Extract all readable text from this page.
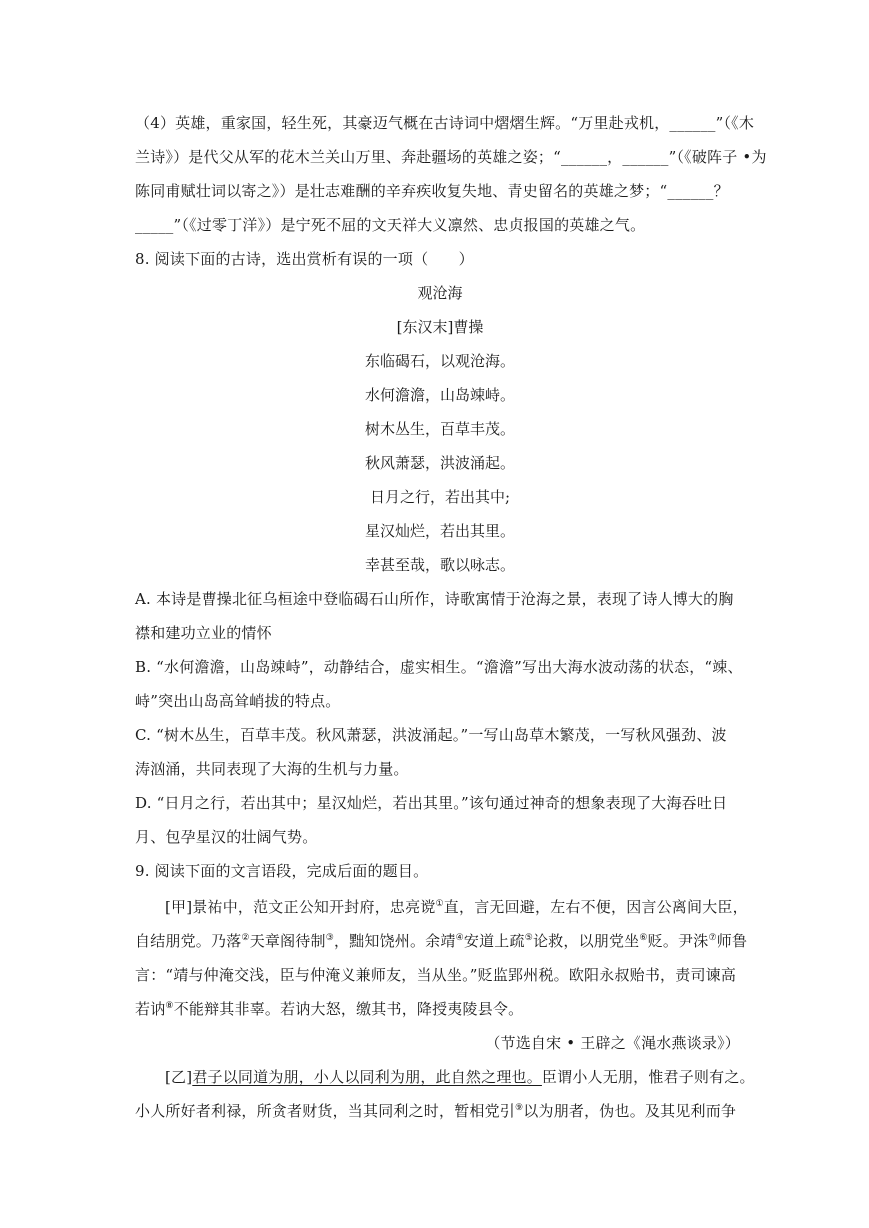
（4）英雄，重家国，轻生死，其豪迈气概在古诗词中熠熠生辉。“万里赴戎机，______”（《木
兰诗》）是代父从军的花木兰关山万里、奔赴疆场的英雄之姿；“______，______”（《破阵子 •为
陈同甫赋壮词以寄之》）是壮志难酬的辛弃疾收复失地、青史留名的英雄之梦；“______？
_____”（《过零丁洋》）是宁死不屈的文天祥大义凛然、忠贞报国的英雄之气。
8. 阅读下面的古诗，选出赏析有误的一项（　　）
观沧海
[东汉末]曹操
东临碣石，以观沧海。
水何澹澹，山岛竦峙。
树木丛生，百草丰茂。
秋风萧瑟，洪波涌起。
日月之行，若出其中;
星汉灿烂，若出其里。
幸甚至哉，歌以咏志。
A. 本诗是曹操北征乌桓途中登临碣石山所作，诗歌寓情于沧海之景，表现了诗人博大的胸
襟和建功立业的情怀
B. “水何澹澹，山岛竦峙”，动静结合，虚实相生。“澹澹”写出大海水波动荡的状态，“竦、
峙”突出山岛高耸峭拔的特点。
C. “树木丛生，百草丰茂。秋风萧瑟，洪波涌起。”一写山岛草木繁茂，一写秋风强劲、波
涛汹涌，共同表现了大海的生机与力量。
D. “日月之行，若出其中；星汉灿烂，若出其里。”该句通过神奇的想象表现了大海吞吐日
月、包孕星汉的壮阔气势。
9. 阅读下面的文言语段，完成后面的题目。
[甲]景祐中，范文正公知开封府，忠亮谠①直，言无回避，左右不便，因言公离间大臣，
自结朋党。乃落②天章阁待制③，黜知饶州。余靖④安道上疏⑤论救，以朋党坐⑥贬。尹洙⑦师鲁
言：“靖与仲淹交浅，臣与仲淹义兼师友，当从坐。”贬监郢州税。欧阳永叔贻书，责司谏高
若讷⑧不能辩其非辜。若讷大怒，缴其书，降授夷陵县令。
（节选自宋 • 王辟之《渑水燕谈录》）
[乙]君子以同道为朋，小人以同利为朋，此自然之理也。臣谓小人无朋，惟君子则有之。
小人所好者利禄，所贪者财货，当其同利之时，暂相党引⑨以为朋者，伪也。及其见利而争
